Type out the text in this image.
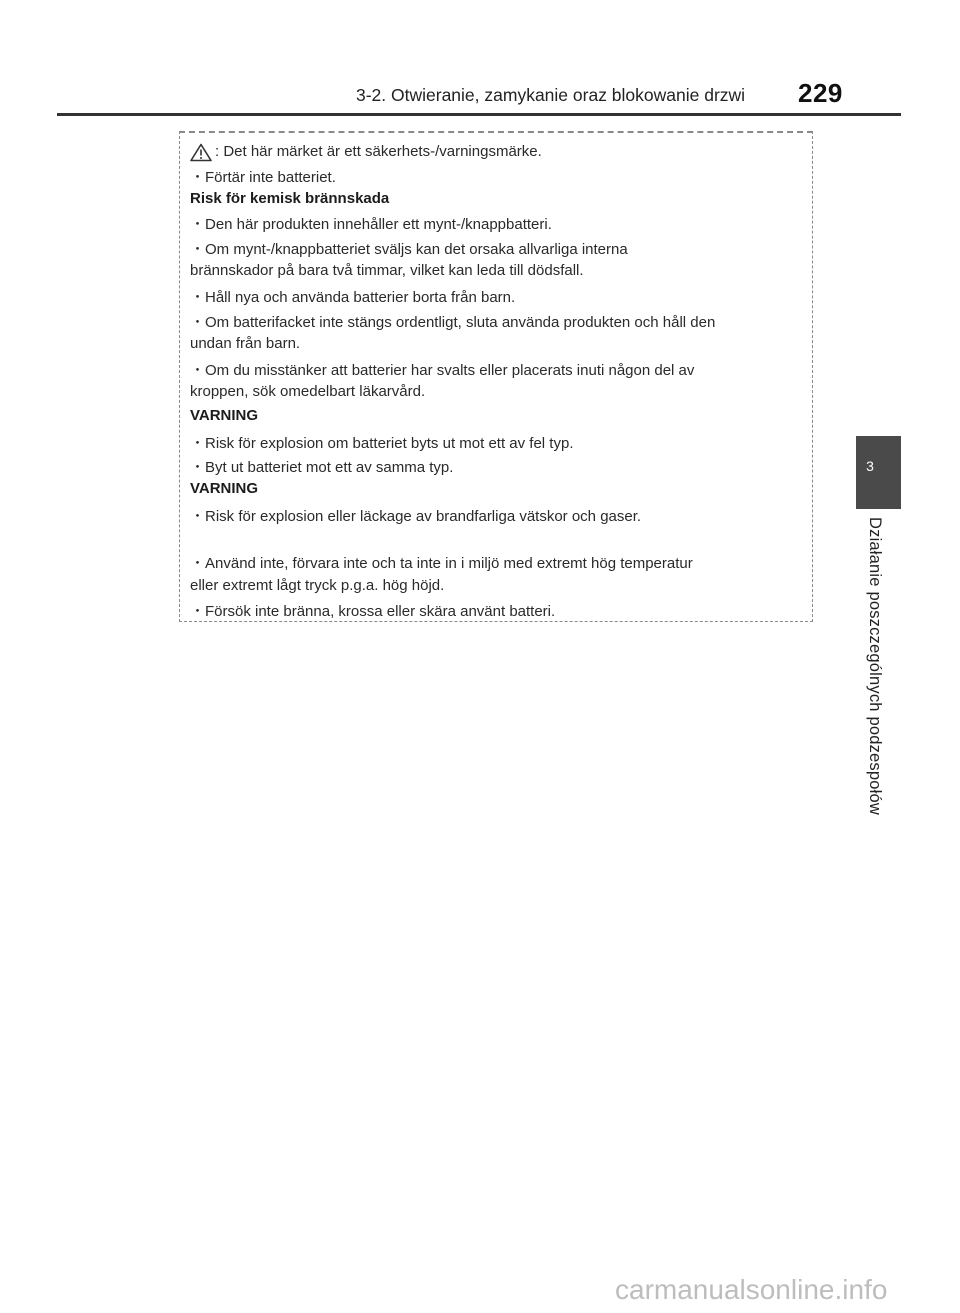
3-2. Otwieranie, zamykanie oraz blokowanie drzwi 229
: Det här märket är ett säkerhets-/varningsmärke.
・Förtär inte batteriet.
Risk för kemisk brännskada
・Den här produkten innehåller ett mynt-/knappbatteri.
・Om mynt-/knappbatteriet sväljs kan det orsaka allvarliga interna
brännskador på bara två timmar, vilket kan leda till dödsfall.
・Håll nya och använda batterier borta från barn.
・Om batterifacket inte stängs ordentligt, sluta använda produkten och håll den
undan från barn.
・Om du misstänker att batterier har svalts eller placerats inuti någon del av
kroppen, sök omedelbart läkarvård.
VARNING
・Risk för explosion om batteriet byts ut mot ett av fel typ.
・Byt ut batteriet mot ett av samma typ.
VARNING
・Risk för explosion eller läckage av brandfarliga vätskor och gaser.
・Använd inte, förvara inte och ta inte in i miljö med extremt hög temperatur
eller extremt lågt tryck p.g.a. hög höjd.
・Försök inte bränna, krossa eller skära använt batteri.
3
Działanie poszczególnych podzespołów
carmanualsonline.info
